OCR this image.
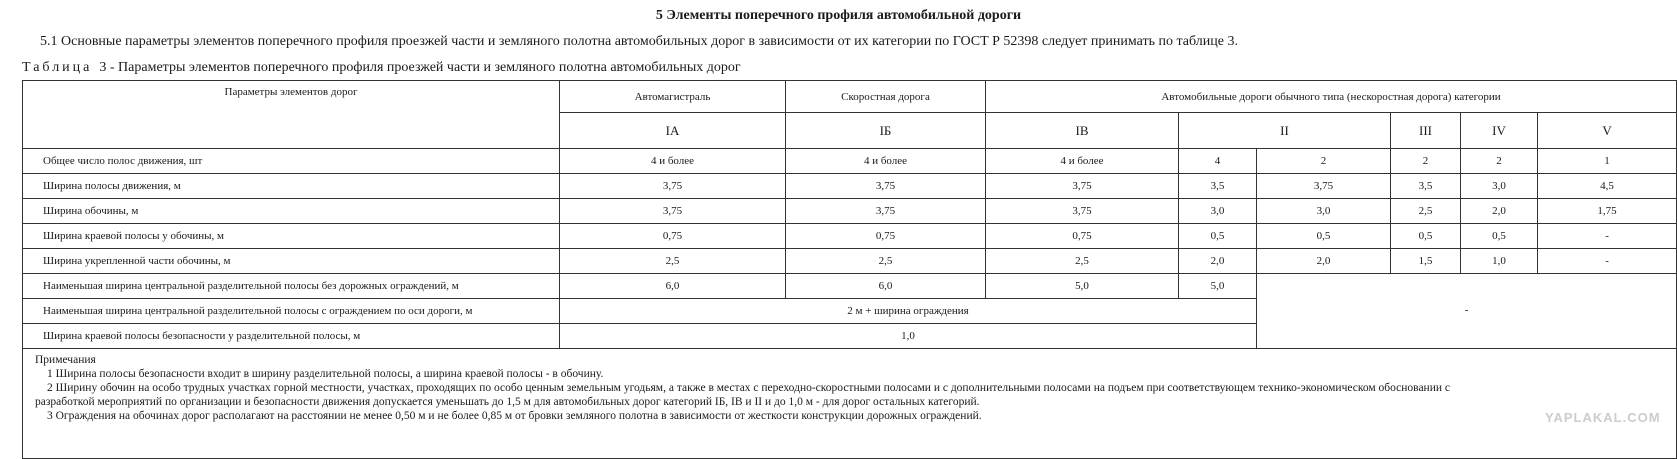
5 Элементы поперечного профиля автомобильной дороги
5.1 Основные параметры элементов поперечного профиля проезжей части и земляного полотна автомобильных дорог в зависимости от их категории по ГОСТ Р 52398 следует принимать по таблице 3.
Таблица 3 - Параметры элементов поперечного профиля проезжей части и земляного полотна автомобильных дорог
Параметры элементов дорог	Автомагистраль	Скоростная дорога	Автомобильные дороги обычного типа (нескоростная дорога) категории					
	IA	IБ	IB	II		III	IV	V
Общее число полос движения, шт	4 и более	4 и более	4 и более	4	2	2	2	1
Ширина полосы движения, м	3,75	3,75	3,75	3,5	3,75	3,5	3,0	4,5
Ширина обочины, м	3,75	3,75	3,75	3,0	3,0	2,5	2,0	1,75
Ширина краевой полосы у обочины, м	0,75	0,75	0,75	0,5	0,5	0,5	0,5	-
Ширина укрепленной части обочины, м	2,5	2,5	2,5	2,0	2,0	1,5	1,0	-
Наименьшая ширина центральной разделительной полосы без дорожных ограждений, м	6,0	6,0	5,0	5,0				
Наименьшая ширина центральной разделительной полосы с ограждением по оси дороги, м	2 м + ширина ограждения				-			
Ширина краевой полосы безопасности у разделительной полосы, м	1,0							

Примечания
1 Ширина полосы безопасности входит в ширину разделительной полосы, а ширина краевой полосы - в обочину.
2 Ширину обочин на особо трудных участках горной местности, участках, проходящих по особо ценным земельным угодьям, а также в местах с переходно-скоростными полосами и с дополнительными полосами на подъем при соответствующем технико-экономическом обосновании с
разработкой мероприятий по организации и безопасности движения допускается уменьшать до 1,5 м для автомобильных дорог категорий IБ, IB и II и до 1,0 м - для дорог остальных категорий.
3 Ограждения на обочинах дорог располагают на расстоянии не менее 0,50 м и не более 0,85 м от бровки земляного полотна в зависимости от жесткости конструкции дорожных ограждений.									YAPLAKAL.COM
